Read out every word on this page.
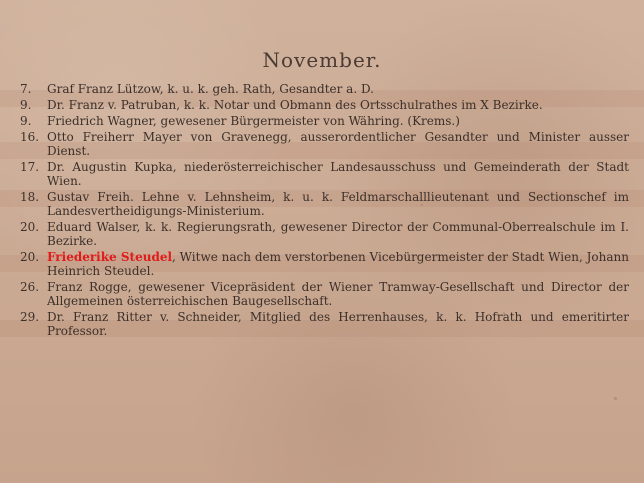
November.
7.	Graf Franz Lützow, k. u. k. geh. Rath, Gesandter a. D.
9.	Dr. Franz v. Patruban, k. k. Notar und Obmann des Ortsschulrathes im X Bezirke.
9.	Friedrich Wagner, gewesener Bürgermeister von Währing. (Krems.)
16. Otto Freiherr Mayer von Gravenegg, ausserordentlicher Gesandter und Minister ausser Dienst.
17. Dr. Augustin Kupka, niederösterreichischer Landesausschuss und Gemeinderath der Stadt Wien.
18. Gustav Freih. Lehne v. Lehnsheim, k. u. k. Feldmarschalllieutenant und Sectionschef im Landesvertheidigungs-Ministerium.
20. Eduard Walser, k. k. Regierungsrath, gewesener Director der Communal-Oberrealschule im I. Bezirke.
20. Friederike Steudel, Witwe nach dem verstorbenen Vicebürgermeister der Stadt Wien, Johann Heinrich Steudel.
26. Franz Rogge, gewesener Vicepräsident der Wiener Tramway-Gesellschaft und Director der Allgemeinen österreichischen Baugesellschaft.
29. Dr. Franz Ritter v. Schneider, Mitglied des Herrenhauses, k. k. Hofrath und emeritirter Professor.
